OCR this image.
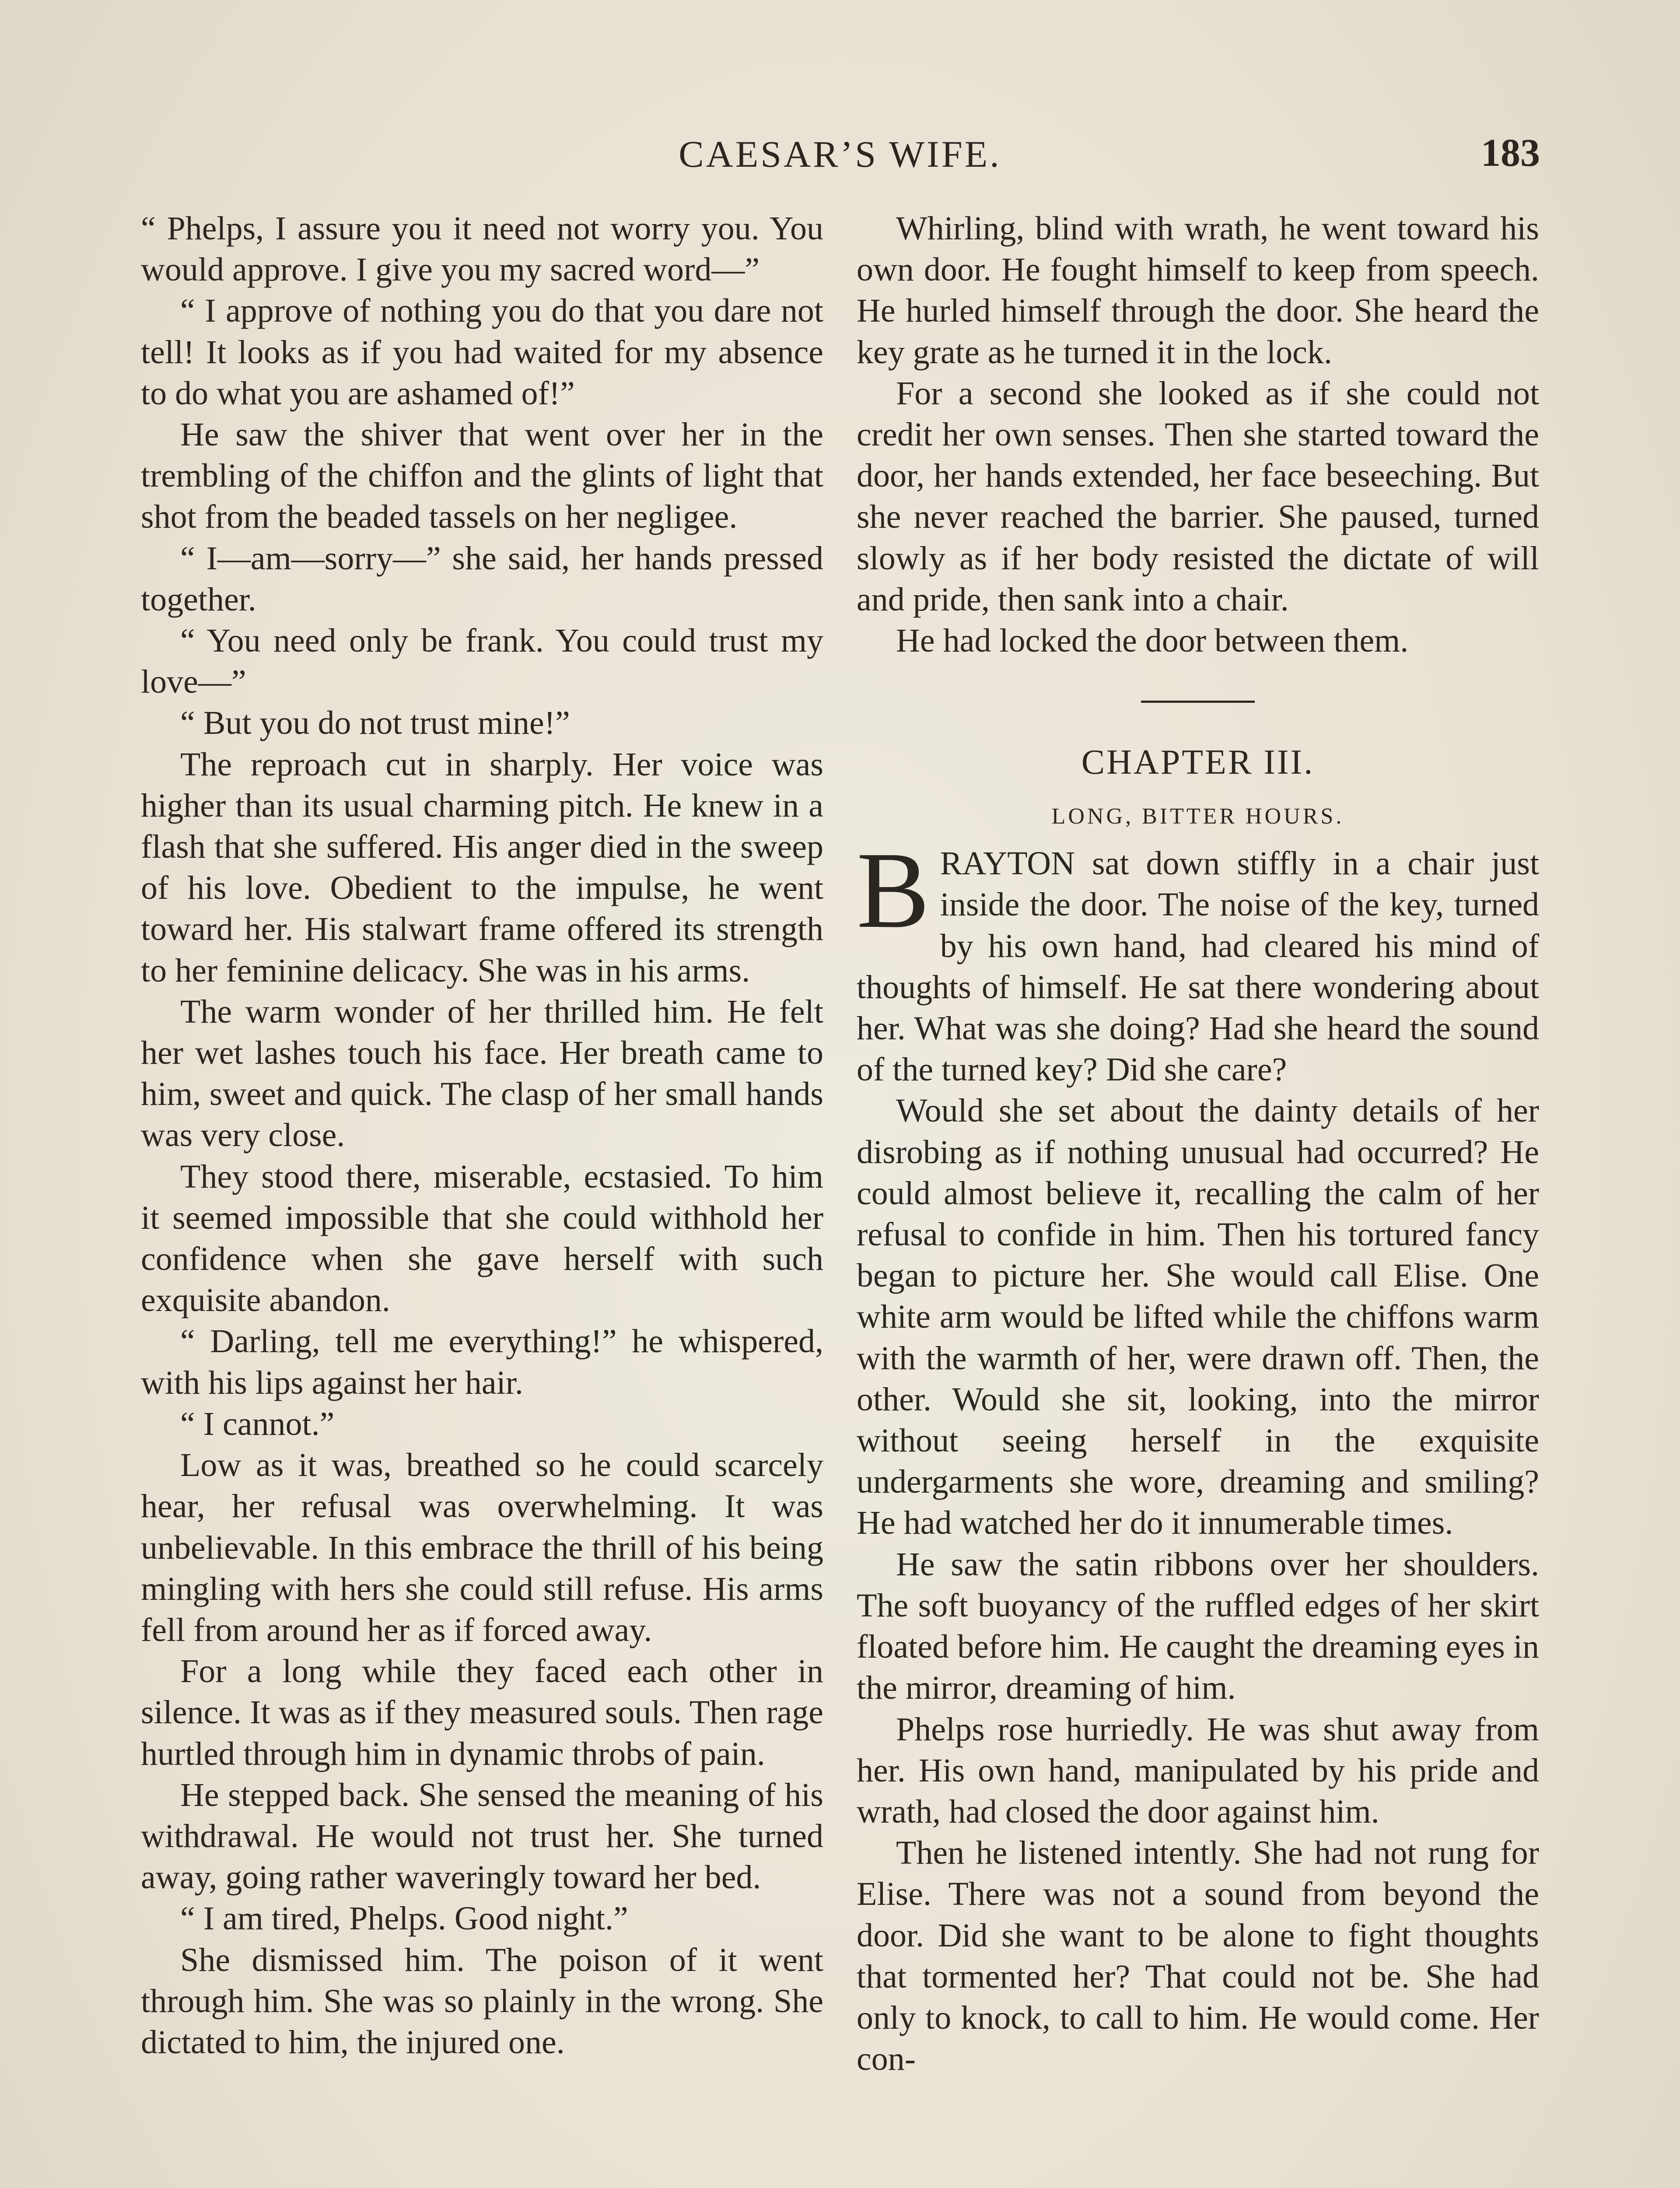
CAESAR’S WIFE.	183

“ Phelps, I assure you it need not worry you. You would approve. I give you my sacred word—”

“ I approve of nothing you do that you dare not tell! It looks as if you had waited for my absence to do what you are ashamed of!”

He saw the shiver that went over her in the trembling of the chiffon and the glints of light that shot from the beaded tassels on her negligee.

“ I—am—sorry—” she said, her hands pressed together.

“ You need only be frank. You could trust my love—”

“ But you do not trust mine!”

The reproach cut in sharply. Her voice was higher than its usual charming pitch. He knew in a flash that she suffered. His anger died in the sweep of his love. Obedient to the impulse, he went toward her. His stalwart frame offered its strength to her feminine delicacy. She was in his arms.

The warm wonder of her thrilled him. He felt her wet lashes touch his face. Her breath came to him, sweet and quick. The clasp of her small hands was very close.

They stood there, miserable, ecstasied. To him it seemed impossible that she could withhold her confidence when she gave herself with such exquisite abandon.

“ Darling, tell me everything!” he whispered, with his lips against her hair.

“ I cannot.”

Low as it was, breathed so he could scarcely hear, her refusal was overwhelming. It was unbelievable. In this embrace the thrill of his being mingling with hers she could still refuse. His arms fell from around her as if forced away.

For a long while they faced each other in silence. It was as if they measured souls. Then rage hurtled through him in dynamic throbs of pain.

He stepped back. She sensed the meaning of his withdrawal. He would not trust her. She turned away, going rather waveringly toward her bed.

“ I am tired, Phelps. Good night.”

She dismissed him. The poison of it went through him. She was so plainly in the wrong. She dictated to him, the injured one.

Whirling, blind with wrath, he went toward his own door. He fought himself to keep from speech. He hurled himself through the door. She heard the key grate as he turned it in the lock.

For a second she looked as if she could not credit her own senses. Then she started toward the door, her hands extended, her face beseeching. But she never reached the barrier. She paused, turned slowly as if her body resisted the dictate of will and pride, then sank into a chair.

He had locked the door between them.

CHAPTER III.
LONG, BITTER HOURS.

BRAYTON sat down stiffly in a chair just inside the door. The noise of the key, turned by his own hand, had cleared his mind of thoughts of himself. He sat there wondering about her. What was she doing? Had she heard the sound of the turned key? Did she care?

Would she set about the dainty details of her disrobing as if nothing unusual had occurred? He could almost believe it, recalling the calm of her refusal to confide in him. Then his tortured fancy began to picture her. She would call Elise. One white arm would be lifted while the chiffons warm with the warmth of her, were drawn off. Then, the other. Would she sit, looking, into the mirror without seeing herself in the exquisite undergarments she wore, dreaming and smiling? He had watched her do it innumerable times.

He saw the satin ribbons over her shoulders. The soft buoyancy of the ruffled edges of her skirt floated before him. He caught the dreaming eyes in the mirror, dreaming of him.

Phelps rose hurriedly. He was shut away from her. His own hand, manipulated by his pride and wrath, had closed the door against him.

Then he listened intently. She had not rung for Elise. There was not a sound from beyond the door. Did she want to be alone to fight thoughts that tormented her? That could not be. She had only to knock, to call to him. He would come. Her con-
